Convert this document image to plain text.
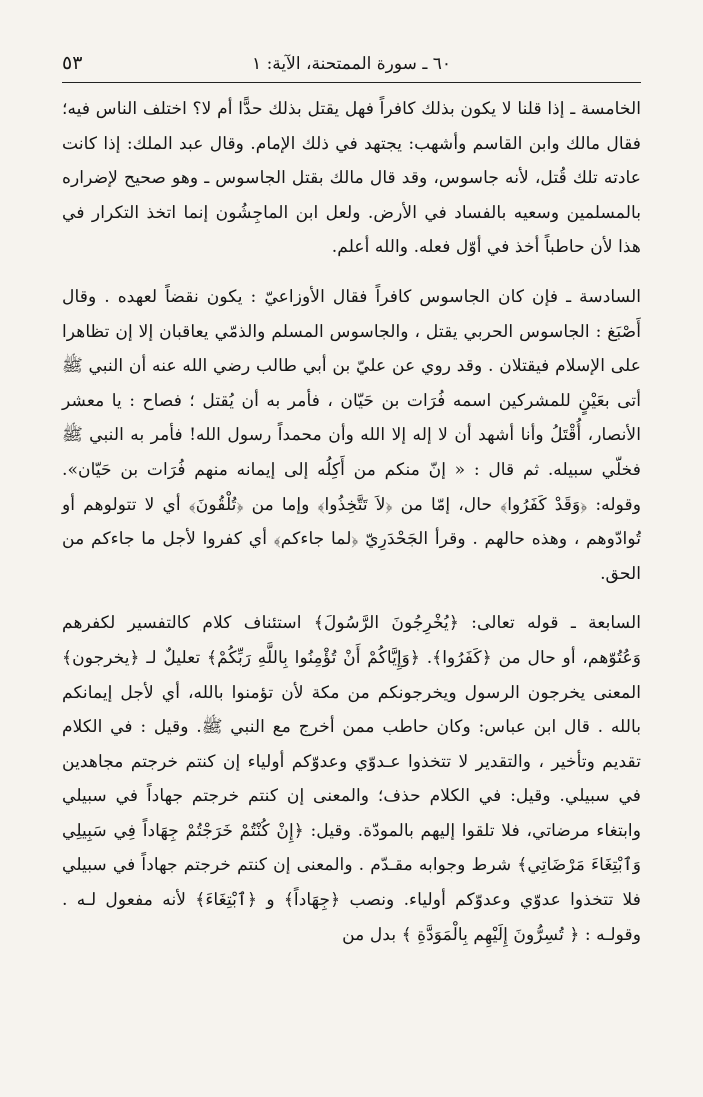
٦٠ ـ سورة الممتحنة، الآية: ١
٥٣

الخامسة ـ إذا قلنا لا يكون بذلك كافراً فهل يقتل بذلك حدًّا أم لا؟ اختلف الناس فيه؛ فقال مالك وابن القاسم وأشهب: يجتهد في ذلك الإمام. وقال عبد الملك: إذا كانت عادته تلك قُتل، لأنه جاسوس، وقد قال مالك بقتل الجاسوس ـ وهو صحيح لإضراره بالمسلمين وسعيه بالفساد في الأرض. ولعل ابن الماجِشُون إنما اتخذ التكرار في هذا لأن حاطباً أخذ في أوّل فعله. والله أعلم.

السادسة ـ فإن كان الجاسوس كافراً فقال الأوزاعيّ : يكون نقضاً لعهده . وقال أَصْبَغ : الجاسوس الحربي يقتل ، والجاسوس المسلم والذمّي يعاقبان إلا إن تظاهرا على الإسلام فيقتلان . وقد روي عن عليّ بن أبي طالب رضي الله عنه أن النبي ﷺ أتى بعَيْنٍ للمشركين اسمه فُرَات بن حَيّان ، فأمر به أن يُقتل ؛ فصاح : يا معشر الأنصار، أُقْتَلُ وأنا أشهد أن لا إله إلا الله وأن محمداً رسول الله! فأمر به النبي ﷺ فخلّي سبيله. ثم قال : « إنّ منكم من أَكِلُه إلى إيمانه منهم فُرَات بن حَيّان». وقوله: ﴿وَقَدْ كَفَرُوا﴾ حال، إمّا من ﴿لاَ تَتَّخِذُوا﴾ وإما من ﴿تُلْقُونَ﴾ أي لا تتولوهم أو تُوادّوهم ، وهذه حالهم . وقرأ الجَحْدَرِيّ ﴿لما جاءكم﴾ أي كفروا لأجل ما جاءكم من الحق.

السابعة ـ قوله تعالى: ﴿يُخْرِجُونَ الرَّسُولَ﴾ استئناف كلام كالتفسير لكفرهم وَعُتُوّهم، أو حال من ﴿كَفَرُوا﴾. ﴿وَإِيَّاكُمْ أَنْ تُؤْمِنُوا بِاللَّهِ رَبِّكُمْ﴾ تعليلٌ لـ ﴿يخرجون﴾ المعنى يخرجون الرسول ويخرجونكم من مكة لأن تؤمنوا بالله، أي لأجل إيمانكم بالله . قال ابن عباس: وكان حاطب ممن أخرج مع النبي ﷺ. وقيل : في الكلام تقديم وتأخير ، والتقدير لا تتخذوا عـدوّي وعدوّكم أولياء إن كنتم خرجتم مجاهدين في سبيلي. وقيل: في الكلام حذف؛ والمعنى إن كنتم خرجتم جهاداً في سبيلي وابتغاء مرضاتي، فلا تلقوا إليهم بالمودّة. وقيل: ﴿إِنْ كُنْتُمْ خَرَجْتُمْ جِهَاداً فِي سَبِيلِي وَٱبْتِغَاءَ مَرْضَاتِي﴾ شرط وجوابه مقـدّم . والمعنى إن كنتم خرجتم جهاداً في سبيلي فلا تتخذوا عدوّي وعدوّكم أولياء. ونصب ﴿جِهَاداً﴾ و ﴿ٱبْتِغَاءَ﴾ لأنه مفعول لـه . وقولـه : ﴿ تُسِرُّونَ إِلَيْهِم بِالْمَوَدَّةِ ﴾ بدل من
